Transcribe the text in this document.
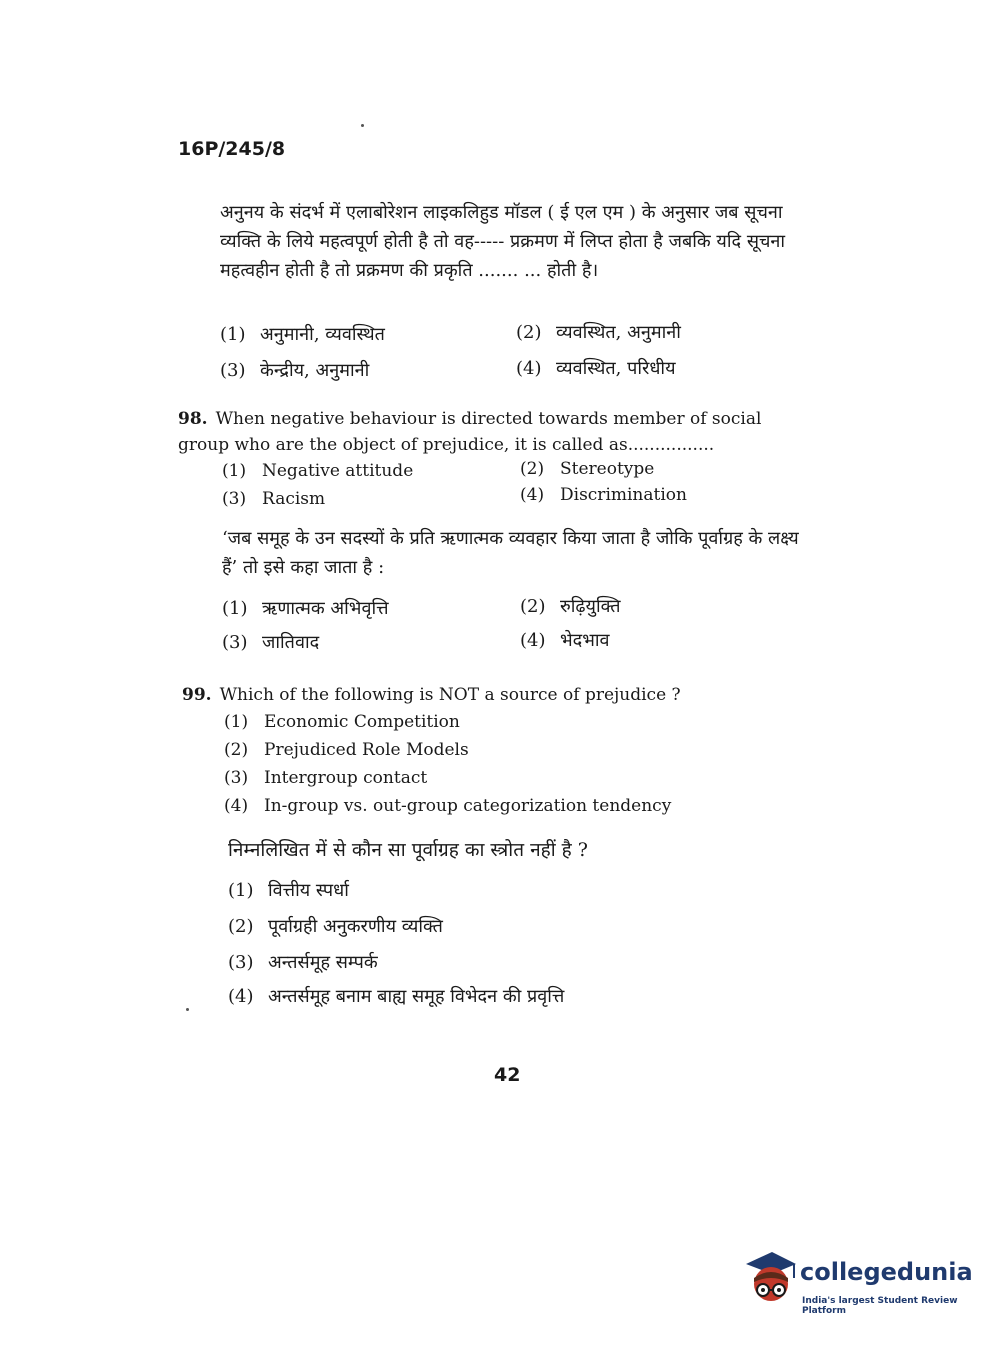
16P/245/8
अनुनय के संदर्भ में एलाबोरेशन लाइकलिहुड मॉडल ( ई एल एम ) के अनुसार जब सूचना व्यक्ति के लिये महत्वपूर्ण होती है तो वह----- प्रक्रमण में लिप्त होता है जबकि यदि सूचना महत्वहीन होती है तो प्रक्रमण की प्रकृति ....... ... होती है।
(1) अनुमानी, व्यवस्थित	(2) व्यवस्थित, अनुमानी
(3) केन्द्रीय, अनुमानी	(4) व्यवस्थित, परिधीय
98. When negative behaviour is directed towards member of social group who are the object of prejudice, it is called as................
(1) Negative attitude	(2) Stereotype
(3) Racism	(4) Discrimination
‘जब समूह के उन सदस्यों के प्रति ऋणात्मक व्यवहार किया जाता है जोकि पूर्वाग्रह के लक्ष्य हैं’ तो इसे कहा जाता है :
(1) ऋणात्मक अभिवृत्ति	(2) रुढ़ियुक्ति
(3) जातिवाद	(4) भेदभाव
99. Which of the following is NOT a source of prejudice ?
(1) Economic Competition
(2) Prejudiced Role Models
(3) Intergroup contact
(4) In-group vs. out-group categorization tendency
निम्नलिखित में से कौन सा पूर्वाग्रह का स्त्रोत नहीं है ?
(1) वित्तीय स्पर्धा
(2) पूर्वाग्रही अनुकरणीय व्यक्ति
(3) अन्तर्समूह सम्पर्क
(4) अन्तर्समूह बनाम बाह्य समूह विभेदन की प्रवृत्ति
42
collegedunia
India's largest Student Review Platform
